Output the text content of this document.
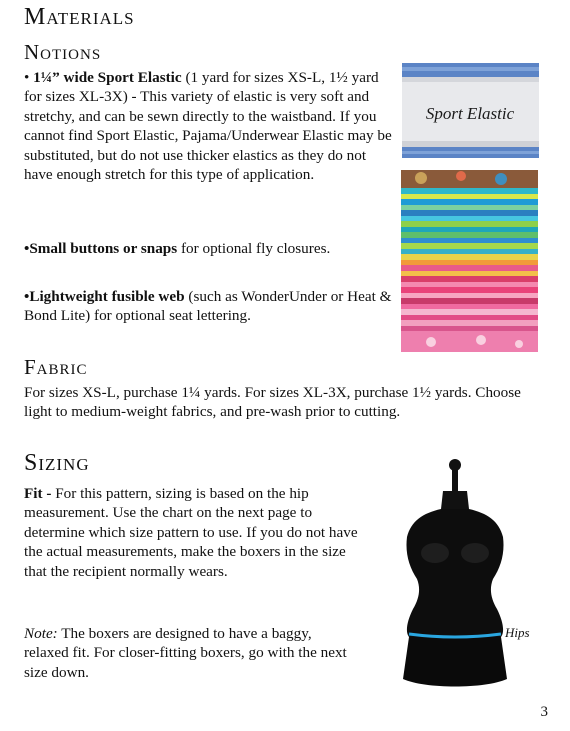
Materials
Notions
• 1¼” wide Sport Elastic (1 yard for sizes XS-L, 1½ yard for sizes XL-3X) - This variety of elastic is very soft and stretchy, and can be sewn directly to the waistband. If you cannot find Sport Elastic, Pajama/Underwear Elastic may be substituted, but do not use thicker elastics as they do not have enough stretch for this type of application.
•Small buttons or snaps for optional fly closures.
•Lightweight fusible web (such as WonderUnder or Heat & Bond Lite) for optional seat lettering.
Sport Elastic
Fabric
For sizes XS-L, purchase 1¼ yards. For sizes XL-3X, purchase 1½ yards. Choose light to medium-weight fabrics, and pre-wash prior to cutting.
Sizing
Fit - For this pattern, sizing is based on the hip measurement. Use the chart on the next page to determine which size pattern to use. If you do not have the actual measurements, make the boxers in the size that the recipient normally wears.
Note: The boxers are designed to have a baggy, relaxed fit. For closer-fitting boxers, go with the next size down.
Hips
3
